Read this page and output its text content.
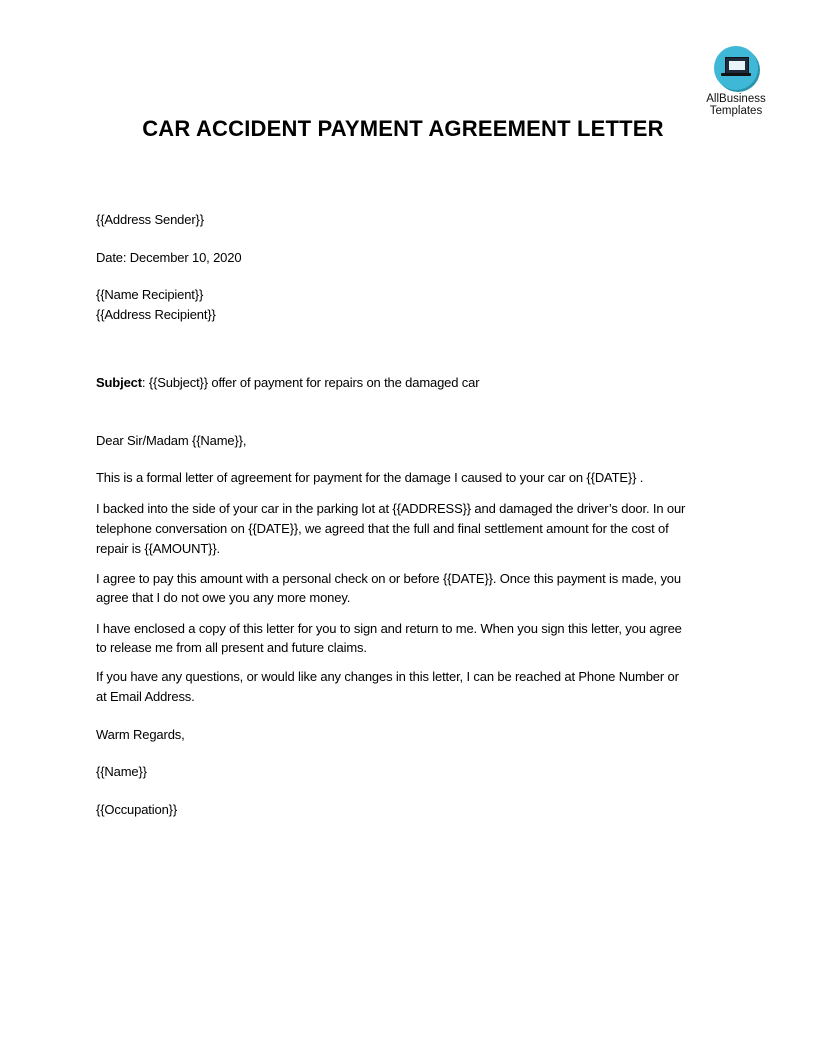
AllBusiness
Templates
CAR ACCIDENT PAYMENT AGREEMENT LETTER
{{Address Sender}}
Date: December 10, 2020
{{Name Recipient}}
{{Address Recipient}}
Subject: {{Subject}} offer of payment for repairs on the damaged car
Dear Sir/Madam {{Name}},
This is a formal letter of agreement for payment for the damage I caused to your car on {{DATE}} .
I backed into the side of your car in the parking lot at {{ADDRESS}} and damaged the driver’s door. In our
telephone conversation on {{DATE}}, we agreed that the full and final settlement amount for the cost of
repair is {{AMOUNT}}.
I agree to pay this amount with a personal check on or before {{DATE}}. Once this payment is made, you
agree that I do not owe you any more money.
I have enclosed a copy of this letter for you to sign and return to me. When you sign this letter, you agree
to release me from all present and future claims.
If you have any questions, or would like any changes in this letter, I can be reached at Phone Number or
at Email Address.
Warm Regards,
{{Name}}
{{Occupation}}
